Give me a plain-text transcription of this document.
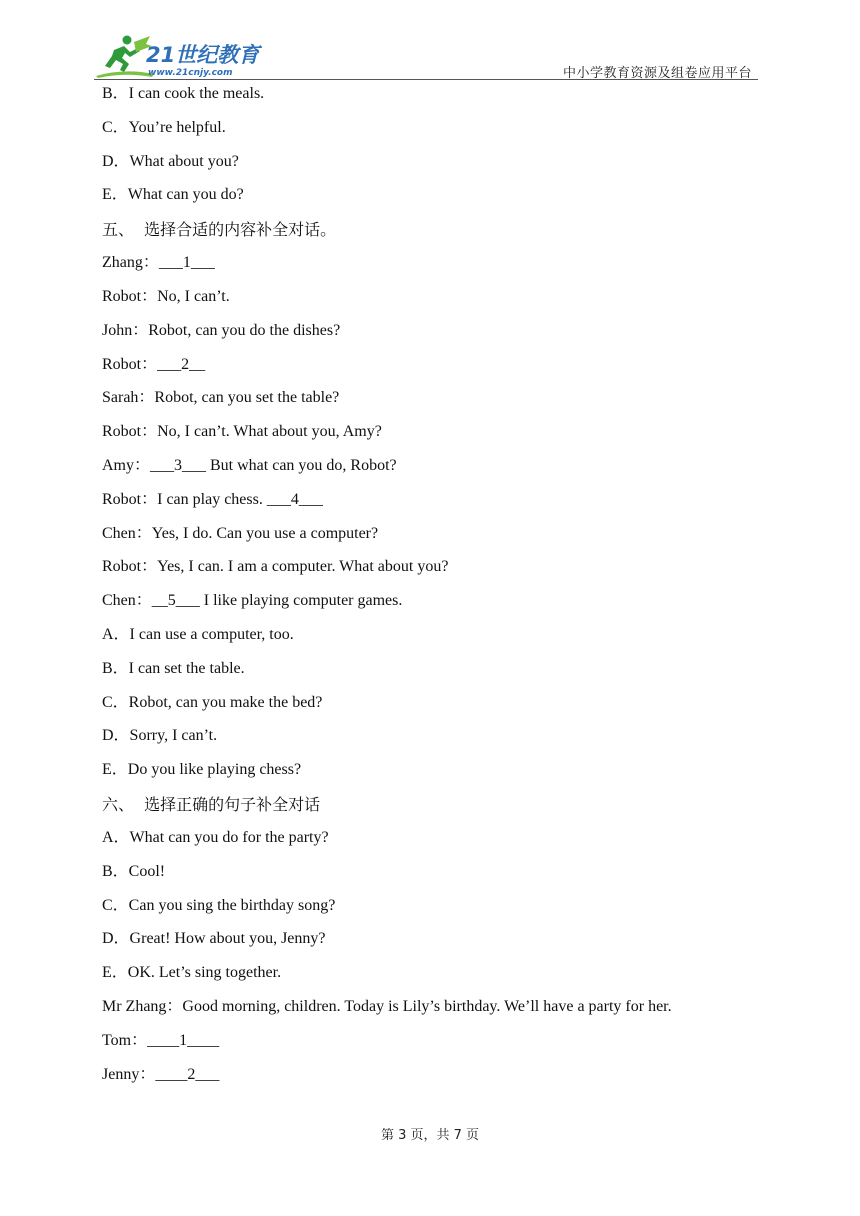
21世纪教育
www.21cnjy.com	中小学教育资源及组卷应用平台
B．I can cook the meals.
C．You’re helpful.
D．What about you?
E．What can you do?
五、  选择合适的内容补全对话。
Zhang：___1___
Robot：No, I can’t.
John：Robot, can you do the dishes?
Robot：___2__
Sarah：Robot, can you set the table?
Robot：No, I can’t. What about you, Amy?
Amy：___3___ But what can you do, Robot?
Robot：I can play chess. ___4___
Chen：Yes, I do. Can you use a computer?
Robot：Yes, I can. I am a computer. What about you?
Chen：__5___ I like playing computer games.
A．I can use a computer, too.
B．I can set the table.
C．Robot, can you make the bed?
D．Sorry, I can’t.
E．Do you like playing chess?
六、  选择正确的句子补全对话
A．What can you do for the party?
B．Cool!
C．Can you sing the birthday song?
D．Great! How about you, Jenny?
E．OK. Let’s sing together.
Mr Zhang：Good morning, children. Today is Lily’s birthday. We’ll have a party for her.
Tom：____1____
Jenny：____2___
第 3 页，共 7 页
